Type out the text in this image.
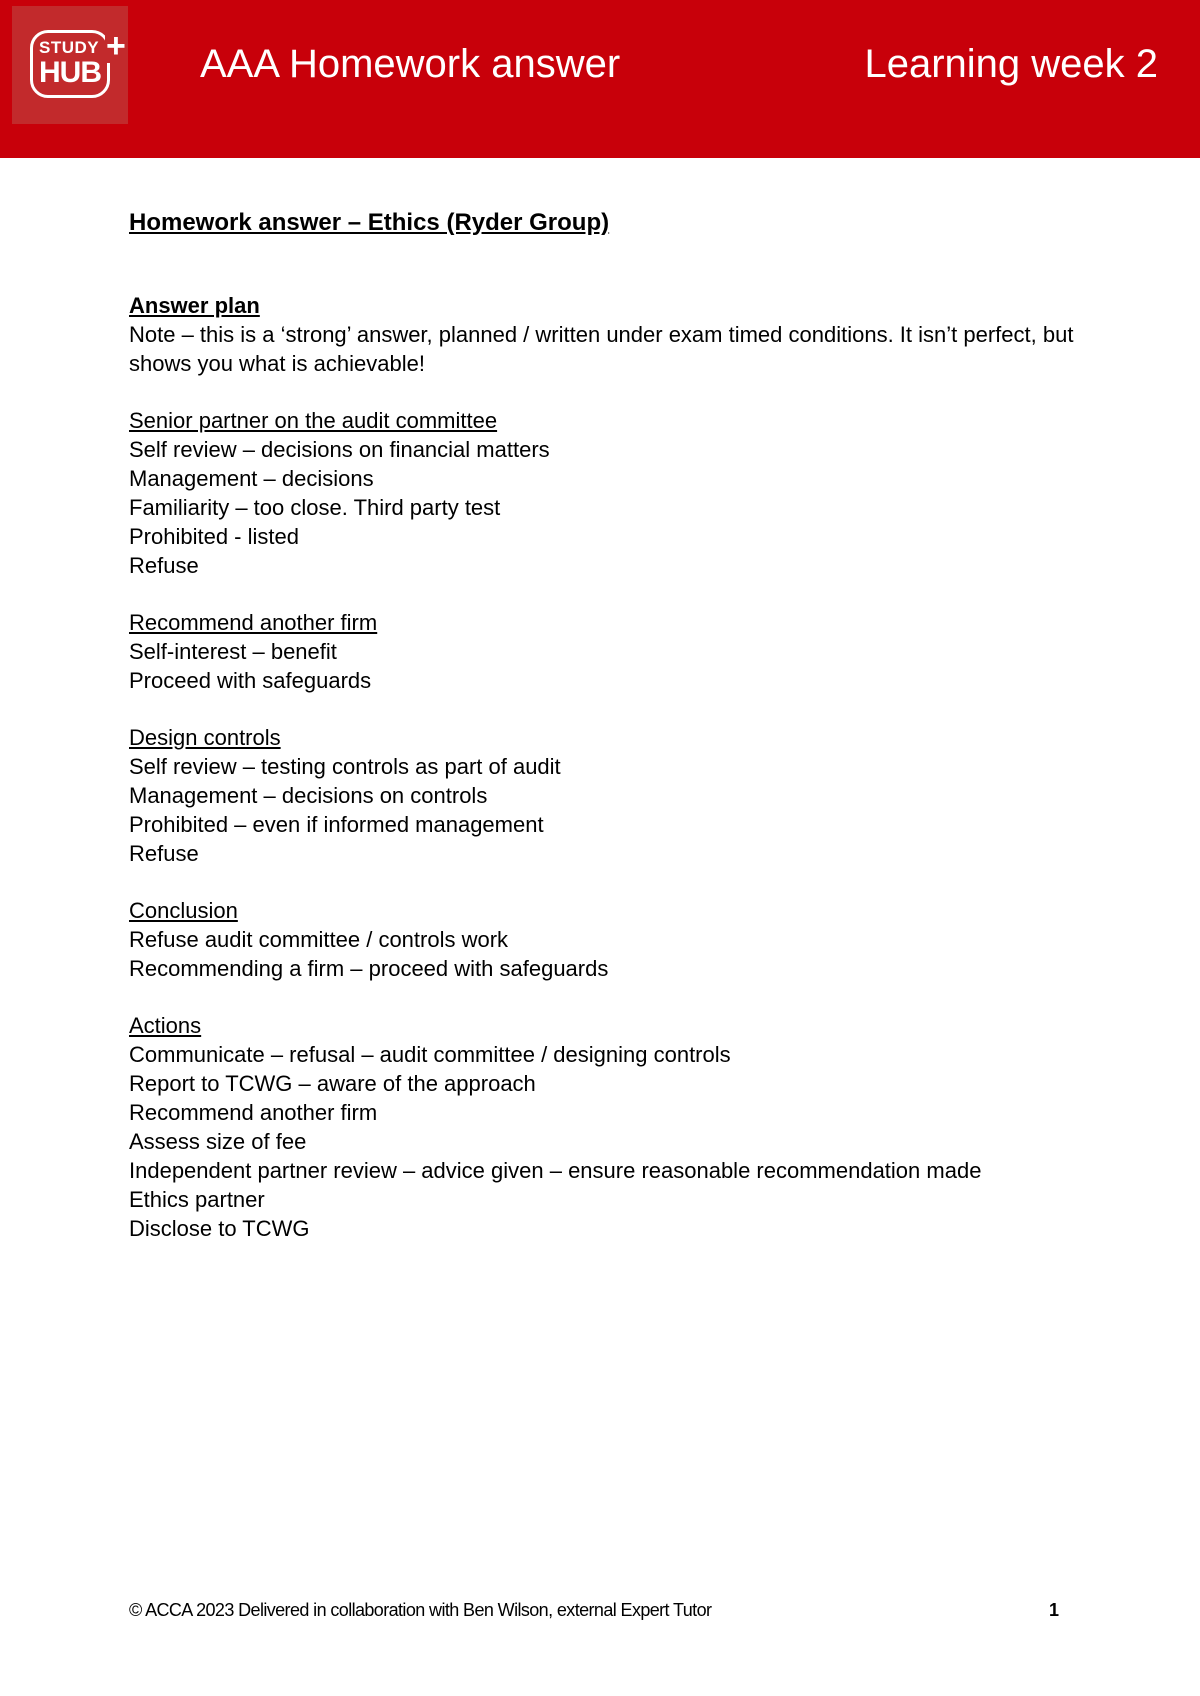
STUDY
HUB
+ AAA Homework answer	Learning week 2
Homework answer – Ethics (Ryder Group)
Answer plan
Note – this is a ‘strong’ answer, planned / written under exam timed conditions. It isn’t perfect, but shows you what is achievable!
Senior partner on the audit committee
Self review – decisions on financial matters
Management – decisions
Familiarity – too close. Third party test
Prohibited - listed
Refuse
Recommend another firm
Self-interest – benefit
Proceed with safeguards
Design controls
Self review – testing controls as part of audit
Management – decisions on controls
Prohibited – even if informed management
Refuse
Conclusion
Refuse audit committee / controls work
Recommending a firm – proceed with safeguards
Actions
Communicate – refusal – audit committee / designing controls
Report to TCWG – aware of the approach
Recommend another firm
Assess size of fee
Independent partner review – advice given – ensure reasonable recommendation made
Ethics partner
Disclose to TCWG
© ACCA 2023 Delivered in collaboration with Ben Wilson, external Expert Tutor	1
